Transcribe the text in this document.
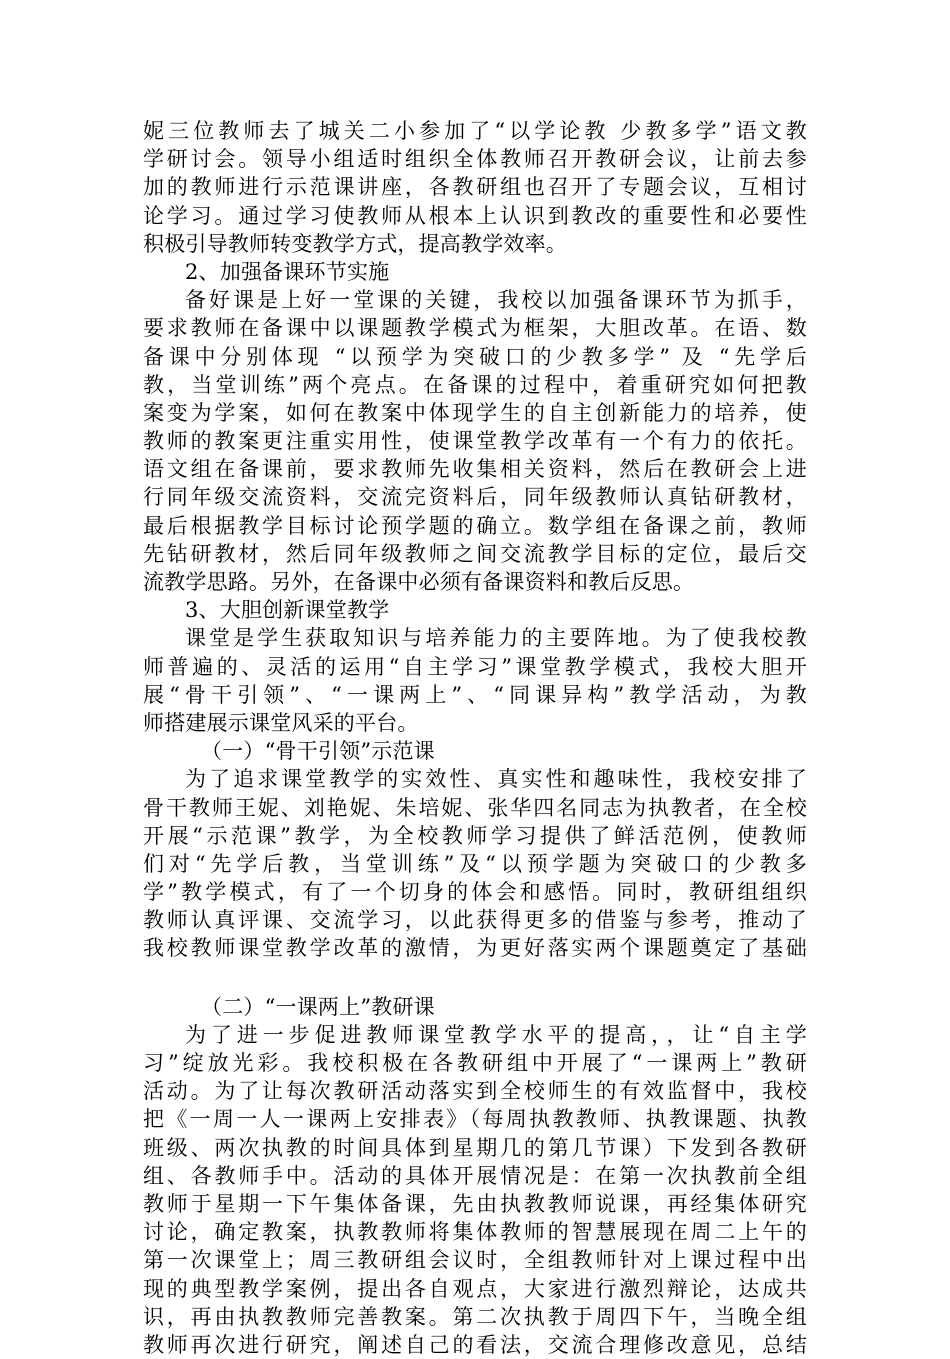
妮三位教师去了城关二小参加了“以学论教 少教多学”语文教
学研讨会。领导小组适时组织全体教师召开教研会议，让前去参
加的教师进行示范课讲座，各教研组也召开了专题会议，互相讨
论学习。通过学习使教师从根本上认识到教改的重要性和必要性
积极引导教师转变教学方式，提高教学效率。
2、加强备课环节实施
备好课是上好一堂课的关键，我校以加强备课环节为抓手，
要求教师在备课中以课题教学模式为框架，大胆改革。在语、数
备课中分别体现 “以预学为突破口的少教多学” 及 “先学后
教，当堂训练”两个亮点。在备课的过程中，着重研究如何把教
案变为学案，如何在教案中体现学生的自主创新能力的培养，使
教师的教案更注重实用性，使课堂教学改革有一个有力的依托。
语文组在备课前，要求教师先收集相关资料，然后在教研会上进
行同年级交流资料，交流完资料后，同年级教师认真钻研教材，
最后根据教学目标讨论预学题的确立。数学组在备课之前，教师
先钻研教材，然后同年级教师之间交流教学目标的定位，最后交
流教学思路。另外，在备课中必须有备课资料和教后反思。
3、大胆创新课堂教学
课堂是学生获取知识与培养能力的主要阵地。为了使我校教
师普遍的、灵活的运用“自主学习”课堂教学模式，我校大胆开
展“骨干引领”、“一课两上”、“同课异构”教学活动，为教
师搭建展示课堂风采的平台。
（一）“骨干引领”示范课
为了追求课堂教学的实效性、真实性和趣味性，我校安排了
骨干教师王妮、刘艳妮、朱培妮、张华四名同志为执教者，在全校
开展“示范课”教学，为全校教师学习提供了鲜活范例，使教师
们对“先学后教，当堂训练”及“以预学题为突破口的少教多
学”教学模式，有了一个切身的体会和感悟。同时，教研组组织
教师认真评课、交流学习，以此获得更多的借鉴与参考，推动了
我校教师课堂教学改革的激情，为更好落实两个课题奠定了基础
（二）“一课两上”教研课
为了进一步促进教师课堂教学水平的提高，，让“自主学
习”绽放光彩。我校积极在各教研组中开展了“一课两上”教研
活动。为了让每次教研活动落实到全校师生的有效监督中，我校
把《一周一人一课两上安排表》（每周执教教师、执教课题、执教
班级、两次执教的时间具体到星期几的第几节课）下发到各教研
组、各教师手中。活动的具体开展情况是：在第一次执教前全组
教师于星期一下午集体备课，先由执教教师说课，再经集体研究
讨论，确定教案，执教教师将集体教师的智慧展现在周二上午的
第一次课堂上；周三教研组会议时，全组教师针对上课过程中出
现的典型教学案例，提出各自观点，大家进行激烈辩论，达成共
识，再由执教教师完善教案。第二次执教于周四下午，当晚全组
教师再次进行研究，阐述自己的看法，交流合理修改意见，总结
